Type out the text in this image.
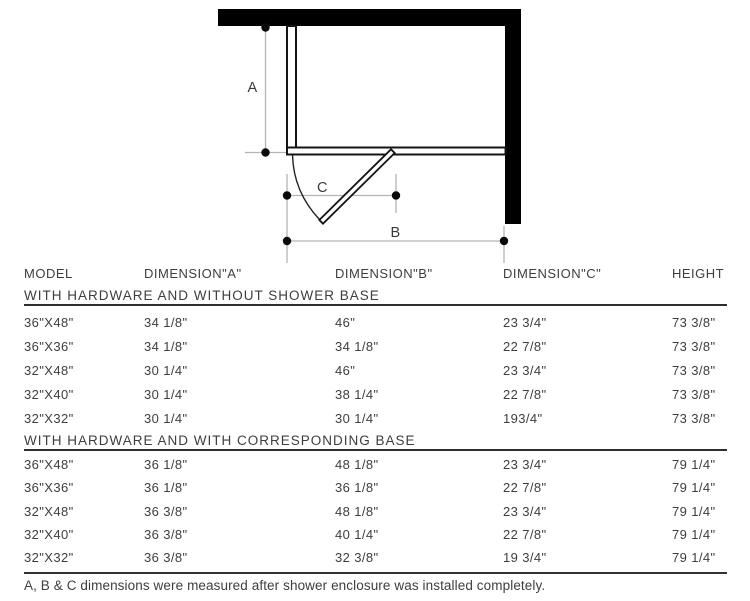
A
C
B
MODEL	DIMENSION"A"	DIMENSION"B"	DIMENSION"C"	HEIGHT
WITH HARDWARE AND WITHOUT SHOWER BASE
36"X48"	34 1/8"	46"	23 3/4"	73 3/8"
36"X36"	34 1/8"	34 1/8"	22 7/8"	73 3/8"
32"X48"	30 1/4"	46"	23 3/4"	73 3/8"
32"X40"	30 1/4"	38 1/4"	22 7/8"	73 3/8"
32"X32"	30 1/4"	30 1/4"	193/4"	73 3/8"
WITH HARDWARE AND WITH CORRESPONDING BASE
36"X48"	36 1/8"	48 1/8"	23 3/4"	79 1/4"
36"X36"	36 1/8"	36 1/8"	22 7/8"	79 1/4"
32"X48"	36 3/8"	48 1/8"	23 3/4"	79 1/4"
32"X40"	36 3/8"	40 1/4"	22 7/8"	79 1/4"
32"X32"	36 3/8"	32 3/8"	19 3/4"	79 1/4"
A, B & C dimensions were measured after shower enclosure was installed completely.
